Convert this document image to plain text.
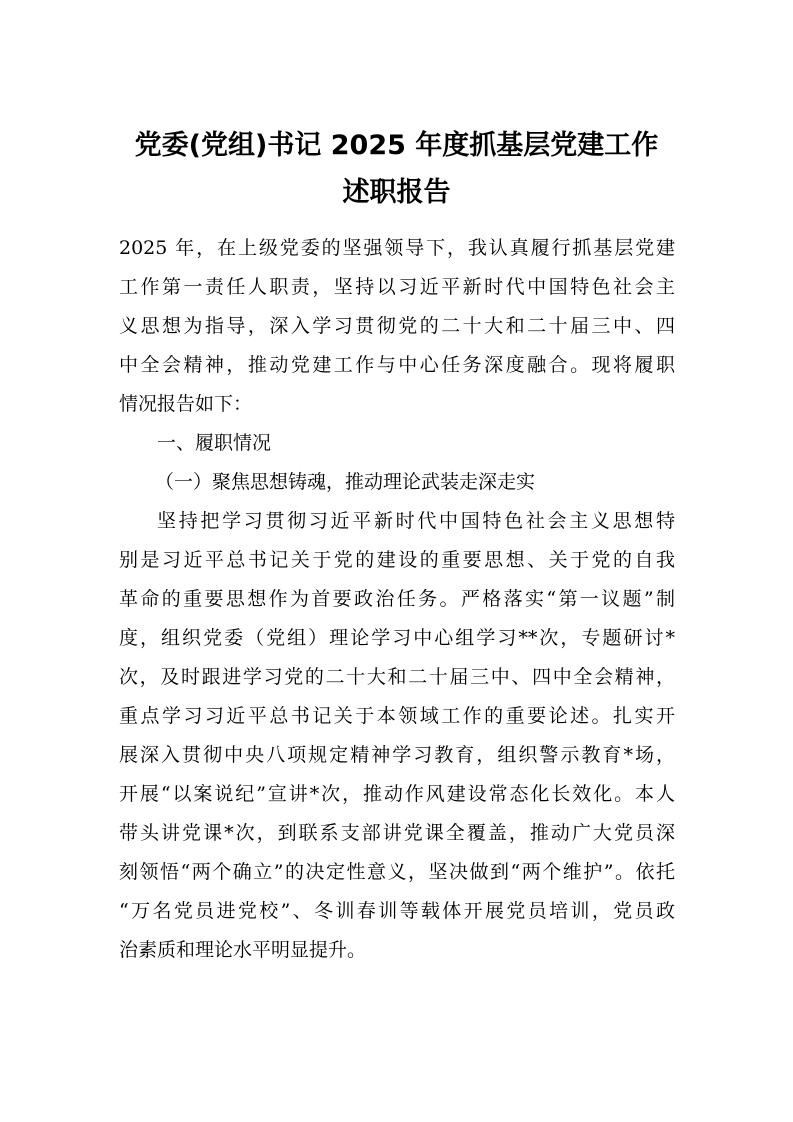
党委(党组)书记 2025 年度抓基层党建工作
述职报告
2025 年，在上级党委的坚强领导下，我认真履行抓基层党建
工作第一责任人职责，坚持以习近平新时代中国特色社会主
义思想为指导，深入学习贯彻党的二十大和二十届三中、四
中全会精神，推动党建工作与中心任务深度融合。现将履职
情况报告如下：
一、履职情况
（一）聚焦思想铸魂，推动理论武装走深走实
坚持把学习贯彻习近平新时代中国特色社会主义思想特
别是习近平总书记关于党的建设的重要思想、关于党的自我
革命的重要思想作为首要政治任务。严格落实“第一议题”制
度，组织党委（党组）理论学习中心组学习**次，专题研讨*
次，及时跟进学习党的二十大和二十届三中、四中全会精神，
重点学习习近平总书记关于本领域工作的重要论述。扎实开
展深入贯彻中央八项规定精神学习教育，组织警示教育*场，
开展“以案说纪”宣讲*次，推动作风建设常态化长效化。本人
带头讲党课*次，到联系支部讲党课全覆盖，推动广大党员深
刻领悟“两个确立”的决定性意义，坚决做到“两个维护”。依托
“万名党员进党校”、冬训春训等载体开展党员培训，党员政
治素质和理论水平明显提升。
